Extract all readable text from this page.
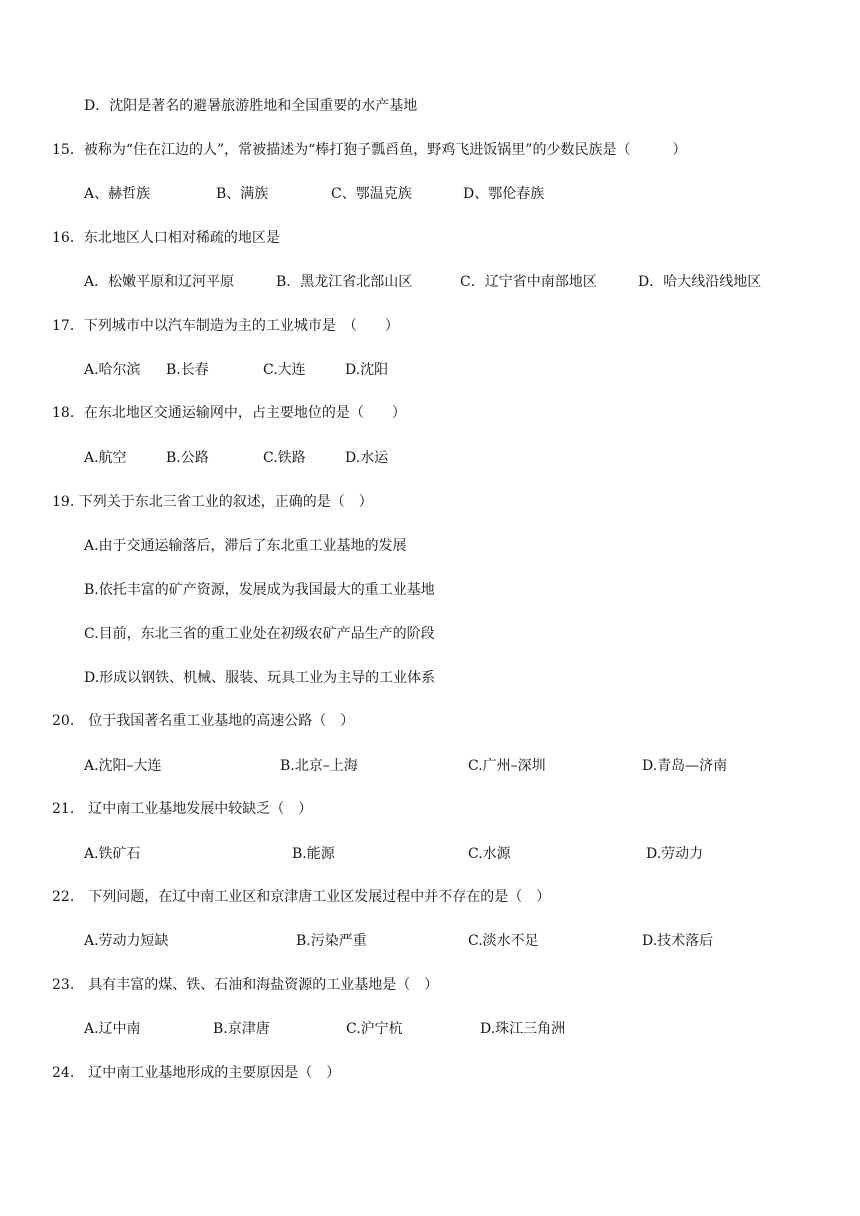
D．沈阳是著名的避暑旅游胜地和全国重要的水产基地
15．被称为“住在江边的人”，常被描述为“棒打狍子瓢舀鱼，野鸡飞进饭锅里”的少数民族是（　　　）
A、赫哲族	B、满族	C、鄂温克族	D、鄂伦春族
16．东北地区人口相对稀疏的地区是
A．松嫩平原和辽河平原	B．黑龙江省北部山区	C．辽宁省中南部地区	D．哈大线沿线地区
17．下列城市中以汽车制造为主的工业城市是　（　　）
A.哈尔滨 B.长春	C.大连	D.沈阳
18．在东北地区交通运输网中，占主要地位的是（　　）
A.航空	B.公路	C.铁路	D.水运
19. 下列关于东北三省工业的叙述，正确的是（　）
A.由于交通运输落后，滞后了东北重工业基地的发展
B.依托丰富的矿产资源，发展成为我国最大的重工业基地
C.目前，东北三省的重工业处在初级农矿产品生产的阶段
D.形成以钢铁、机械、服装、玩具工业为主导的工业体系
20.　位于我国著名重工业基地的高速公路（　）
A.沈阳–大连	B.北京–上海	C.广州–深圳	D.青岛—济南
21.　辽中南工业基地发展中较缺乏（　）
A.铁矿石	B.能源	C.水源	D.劳动力
22.　下列问题，在辽中南工业区和京津唐工业区发展过程中并不存在的是（　）
A.劳动力短缺	B.污染严重	C.淡水不足	D.技术落后
23.　具有丰富的煤、铁、石油和海盐资源的工业基地是（　）
A.辽中南	B.京津唐	C.沪宁杭	D.珠江三角洲
24.　辽中南工业基地形成的主要原因是（　）
